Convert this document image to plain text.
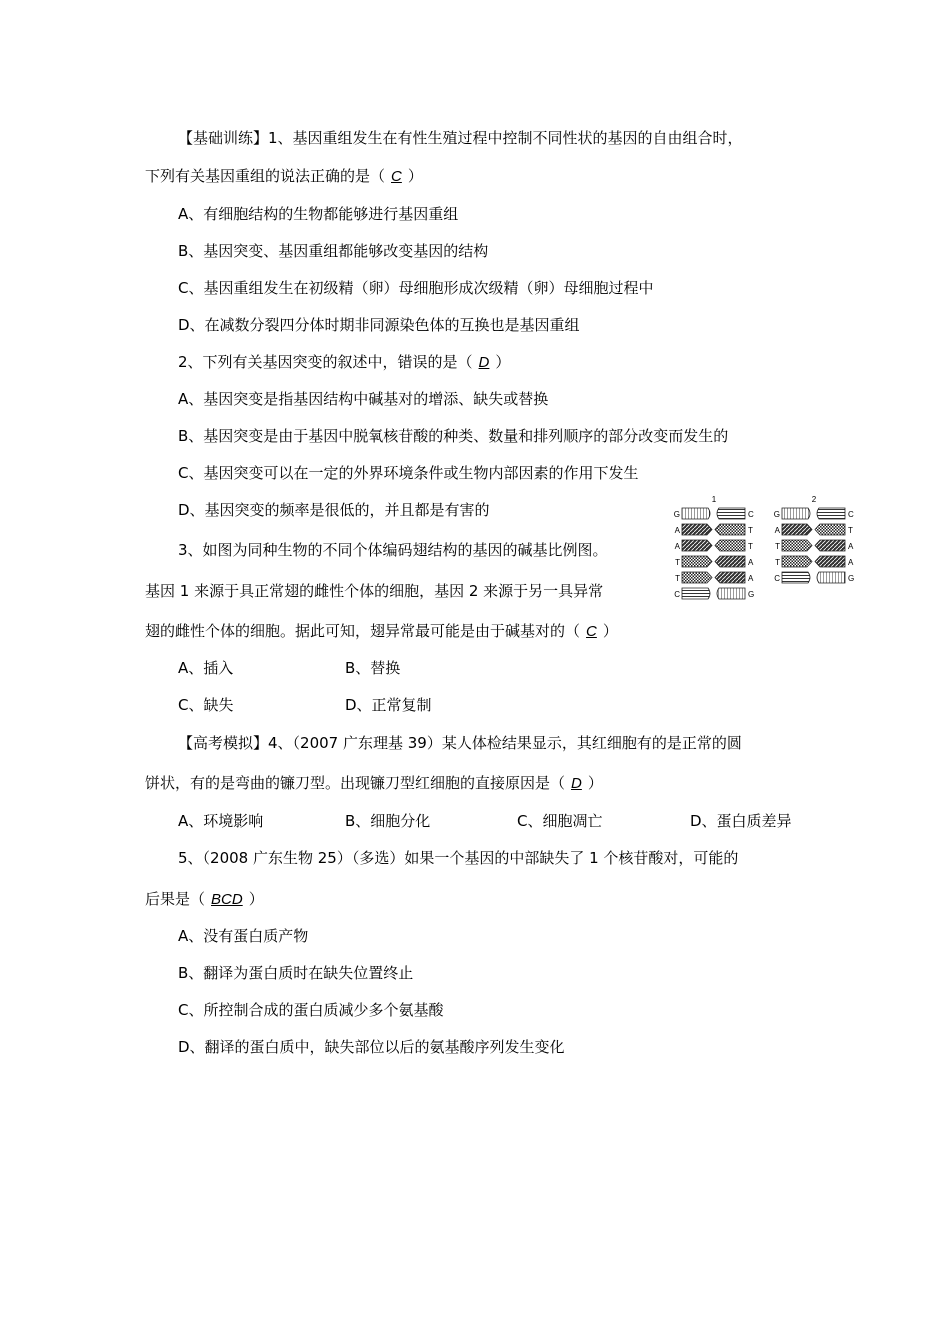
【基础训练】1、基因重组发生在有性生殖过程中控制不同性状的基因的自由组合时，
下列有关基因重组的说法正确的是（ C ）
A、有细胞结构的生物都能够进行基因重组
B、基因突变、基因重组都能够改变基因的结构
C、基因重组发生在初级精（卵）母细胞形成次级精（卵）母细胞过程中
D、在减数分裂四分体时期非同源染色体的互换也是基因重组
2、下列有关基因突变的叙述中，错误的是（ D ）
A、基因突变是指基因结构中碱基对的增添、缺失或替换
B、基因突变是由于基因中脱氧核苷酸的种类、数量和排列顺序的部分改变而发生的
C、基因突变可以在一定的外界环境条件或生物内部因素的作用下发生
D、基因突变的频率是很低的，并且都是有害的
3、如图为同种生物的不同个体编码翅结构的基因的碱基比例图。
基因 1 来源于具正常翅的雌性个体的细胞，基因 2 来源于另一具异常
翅的雌性个体的细胞。据此可知，翅异常最可能是由于碱基对的（ C ）
A、插入	B、替换
C、缺失	D、正常复制
1
G	C
A	T
A	T
T	A
T	A
C	G
2
G	C
A	T
T	A
T	A
C	G
【高考模拟】4、（2007 广东理基 39）某人体检结果显示，其红细胞有的是正常的圆
饼状，有的是弯曲的镰刀型。出现镰刀型红细胞的直接原因是（ D ）
A、环境影响	B、细胞分化	C、细胞凋亡	D、蛋白质差异
5、（2008 广东生物 25）（多选）如果一个基因的中部缺失了 1 个核苷酸对，可能的
后果是（ BCD ）
A、没有蛋白质产物
B、翻译为蛋白质时在缺失位置终止
C、所控制合成的蛋白质减少多个氨基酸
D、翻译的蛋白质中，缺失部位以后的氨基酸序列发生变化
